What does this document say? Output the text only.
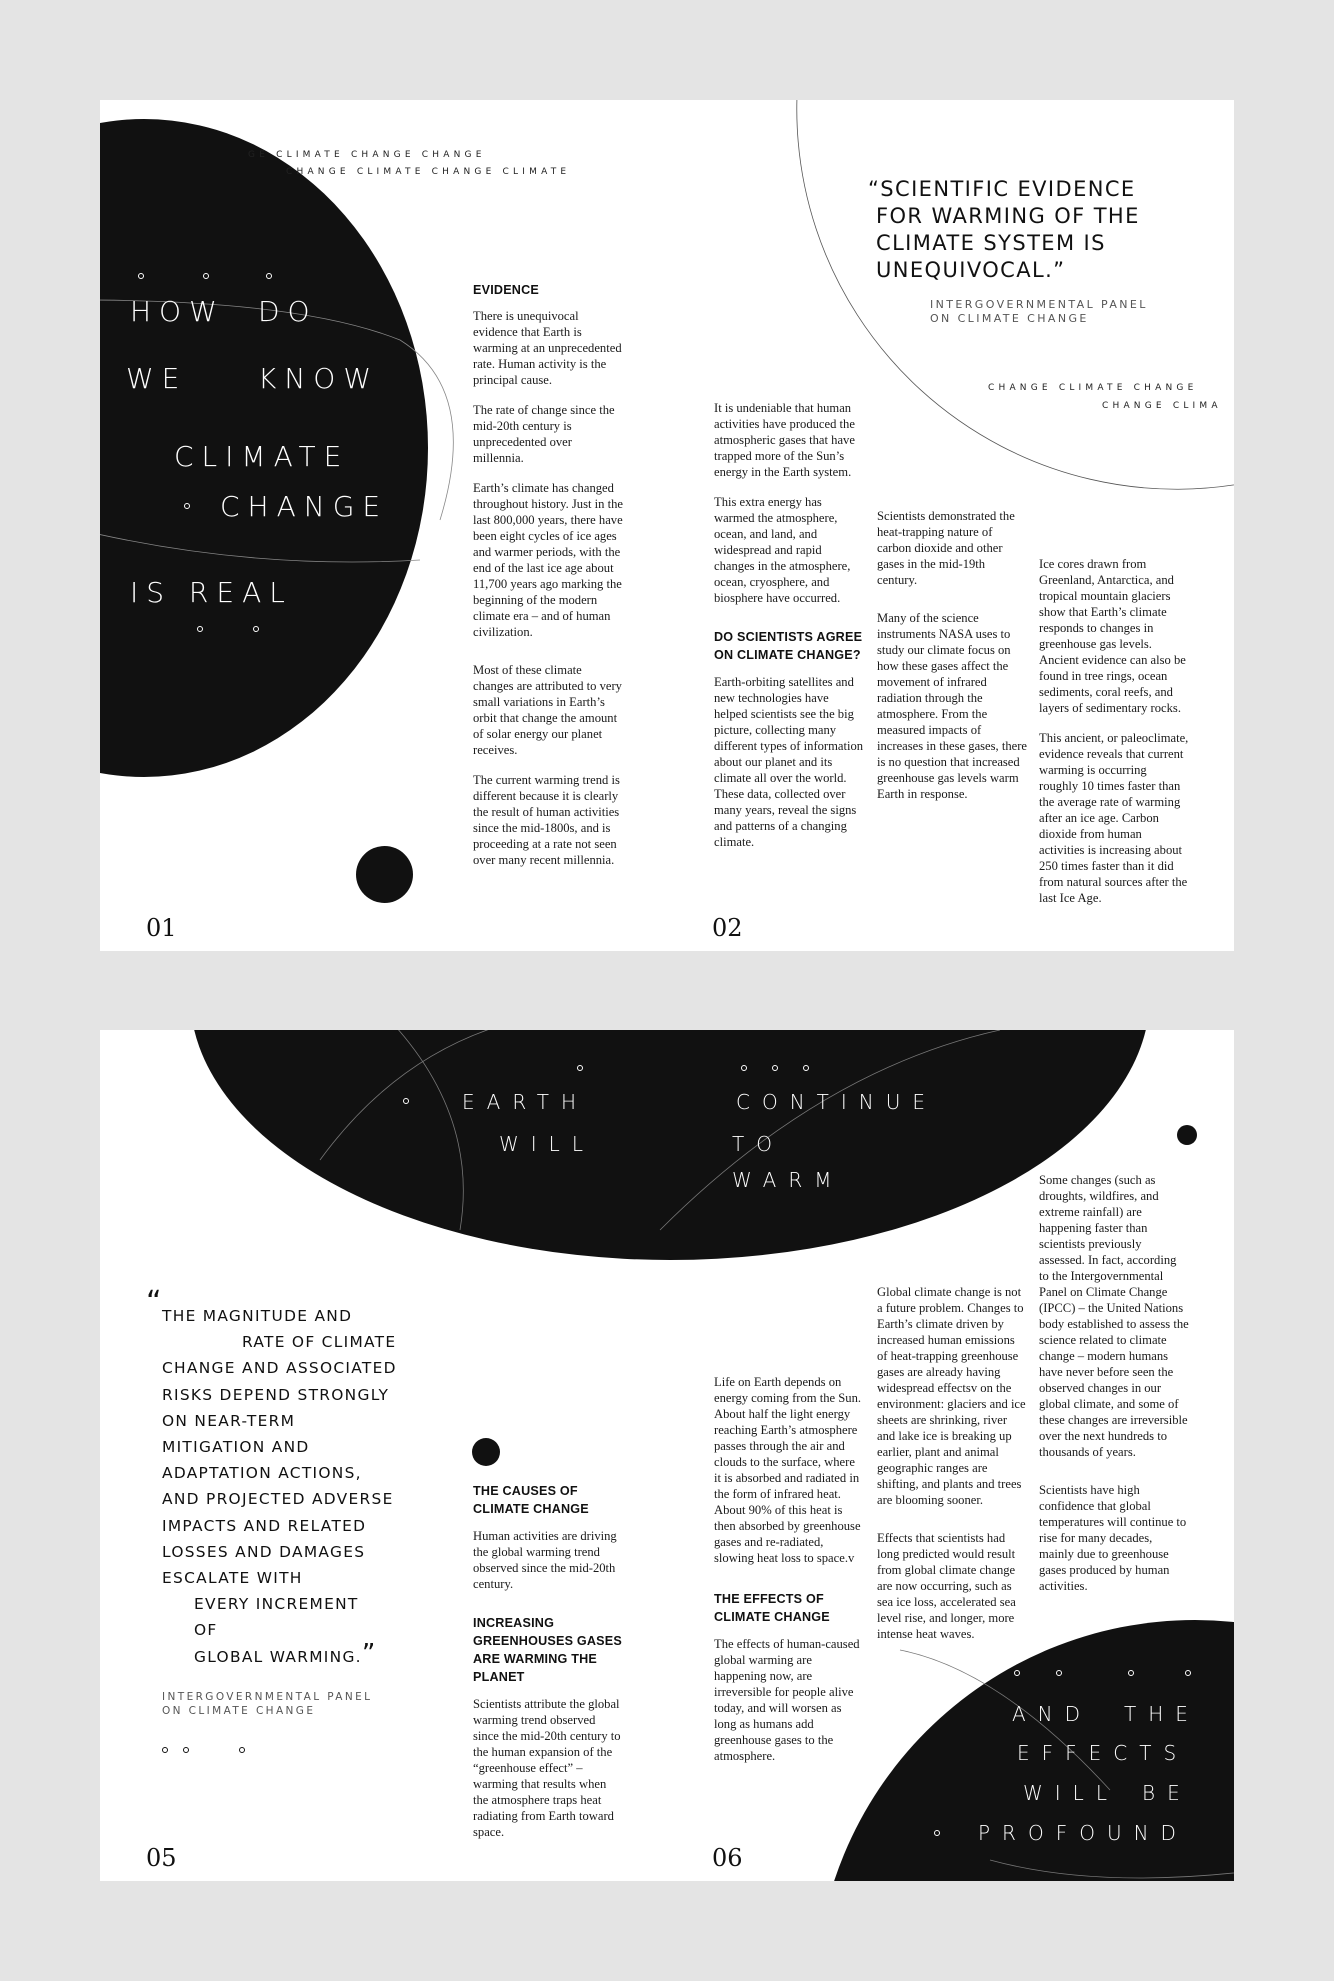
GE CLIMATE CHANGE CHANGE
CHANGE CLIMATE CHANGE CLIMATE
HOW DO
WE	KNOW
CLIMATE
CHANGE
IS REAL
EVIDENCE

There is unequivocal evidence that Earth is warming at an unprecedented rate. Human activity is the principal cause.

The rate of change since the mid-20th century is unprecedented over millennia.

Earth’s climate has changed throughout history. Just in the last 800,000 years, there have been eight cycles of ice ages and warmer periods, with the end of the last ice age about 11,700 years ago marking the beginning of the modern climate era – and of human civilization.

Most of these climate changes are attributed to very small variations in Earth’s orbit that change the amount of solar energy our planet receives.

The current warming trend is different because it is clearly the result of human activities since the mid-1800s, and is proceeding at a rate not seen over many recent millennia.

01
“SCIENTIFIC EVIDENCE
FOR WARMING OF THE
CLIMATE SYSTEM IS
UNEQUIVOCAL.”
INTERGOVERNMENTAL PANEL
ON CLIMATE CHANGE
CHANGE CLIMATE CHANGE
CHANGE CLIMA

It is undeniable that human activities have produced the atmospheric gases that have trapped more of the Sun’s energy in the Earth system.

This extra energy has warmed the atmosphere, ocean, and land, and widespread and rapid changes in the atmosphere, ocean, cryosphere, and biosphere have occurred.

DO SCIENTISTS AGREE ON CLIMATE CHANGE?

Earth-orbiting satellites and new technologies have helped scientists see the big picture, collecting many different types of information about our planet and its climate all over the world. These data, collected over many years, reveal the signs and patterns of a changing climate.

Scientists demonstrated the heat-trapping nature of carbon dioxide and other gases in the mid-19th century.

Many of the science instruments NASA uses to study our climate focus on how these gases affect the movement of infrared radiation through the atmosphere. From the measured impacts of increases in these gases, there is no question that increased greenhouse gas levels warm Earth in response.

Ice cores drawn from Greenland, Antarctica, and tropical mountain glaciers show that Earth’s climate responds to changes in greenhouse gas levels. Ancient evidence can also be found in tree rings, ocean sediments, coral reefs, and layers of sedimentary rocks.

This ancient, or paleoclimate, evidence reveals that current warming is occurring roughly 10 times faster than the average rate of warming after an ice age. Carbon dioxide from human activities is increasing about 250 times faster than it did from natural sources after the last Ice Age.

02
EARTH
WILL
CONTINUE
TO
WARM
“ THE MAGNITUDE AND
RATE OF CLIMATE
CHANGE AND ASSOCIATED
RISKS DEPEND STRONGLY
ON NEAR-TERM
MITIGATION AND
ADAPTATION ACTIONS,
AND PROJECTED ADVERSE
IMPACTS AND RELATED
LOSSES AND DAMAGES
ESCALATE WITH
EVERY INCREMENT
OF
GLOBAL WARMING.”
INTERGOVERNMENTAL PANEL
ON CLIMATE CHANGE
THE CAUSES OF CLIMATE CHANGE

Human activities are driving the global warming trend observed since the mid-20th century.

INCREASING GREENHOUSES GASES ARE WARMING THE PLANET

Scientists attribute the global warming trend observed since the mid-20th century to the human expansion of the “greenhouse effect” – warming that results when the atmosphere traps heat radiating from Earth toward space.

05

Life on Earth depends on energy coming from the Sun. About half the light energy reaching Earth’s atmosphere passes through the air and clouds to the surface, where it is absorbed and radiated in the form of infrared heat. About 90% of this heat is then absorbed by greenhouse gases and re-radiated, slowing heat loss to space.v

THE EFFECTS OF CLIMATE CHANGE

The effects of human-caused global warming are happening now, are irreversible for people alive today, and will worsen as long as humans add greenhouse gases to the atmosphere.

Global climate change is not a future problem. Changes to Earth’s climate driven by increased human emissions of heat-trapping greenhouse gases are already having widespread effectsv on the environment: glaciers and ice sheets are shrinking, river and lake ice is breaking up earlier, plant and animal geographic ranges are shifting, and plants and trees are blooming sooner.

Effects that scientists had long predicted would result from global climate change are now occurring, such as sea ice loss, accelerated sea level rise, and longer, more intense heat waves.

Some changes (such as droughts, wildfires, and extreme rainfall) are happening faster than scientists previously assessed. In fact, according to the Intergovernmental Panel on Climate Change (IPCC) – the United Nations body established to assess the science related to climate change – modern humans have never before seen the observed changes in our global climate, and some of these changes are irreversible over the next hundreds to thousands of years.

Scientists have high confidence that global temperatures will continue to rise for many decades, mainly due to greenhouse gases produced by human activities.

AND THE
EFFECTS
WILL BE
PROFOUND
06
